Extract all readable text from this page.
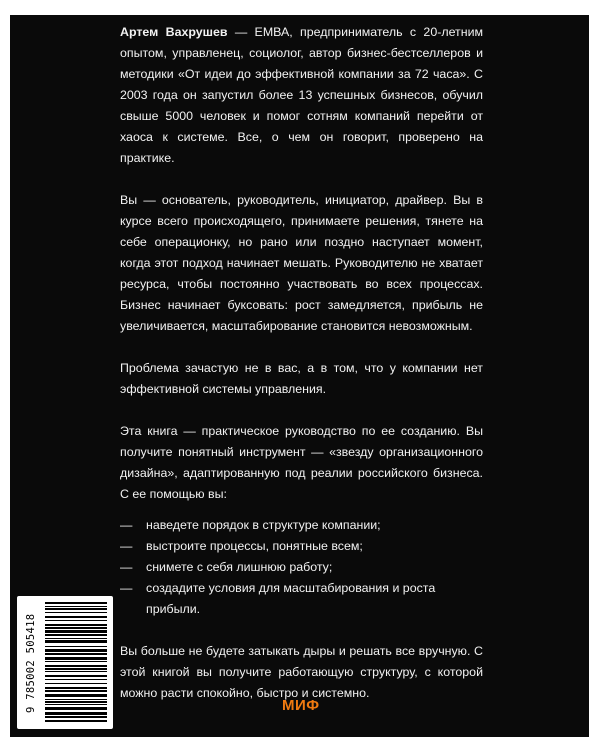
Артем Вахрушев — ЕМВА, предприниматель с 20-летним опытом, управленец, социолог, автор бизнес-бестселлеров и методики «От идеи до эффективной компании за 72 часа». С 2003 года он запустил более 13 успешных бизнесов, обучил свыше 5000 человек и помог сотням компаний перейти от хаоса к системе. Все, о чем он говорит, проверено на практике.

Вы — основатель, руководитель, инициатор, драйвер. Вы в курсе всего происходящего, принимаете решения, тянете на себе операционку, но рано или поздно наступает момент, когда этот подход начинает мешать. Руководителю не хватает ресурса, чтобы постоянно участвовать во всех процессах. Бизнес начинает буксовать: рост замедляется, прибыль не увеличивается, масштабирование становится невозможным.

Проблема зачастую не в вас, а в том, что у компании нет эффективной системы управления.

Эта книга — практическое руководство по ее созданию. Вы получите понятный инструмент — «звезду организационного дизайна», адаптированную под реалии российского бизнеса. С ее помощью вы:

— наведете порядок в структуре компании;
— выстроите процессы, понятные всем;
— снимете с себя лишнюю работу;
— создадите условия для масштабирования и роста прибыли.

Вы больше не будете затыкать дыры и решать все вручную. С этой книгой вы получите работающую структуру, с которой можно расти спокойно, быстро и системно.

9 785002 505418	МИФ
